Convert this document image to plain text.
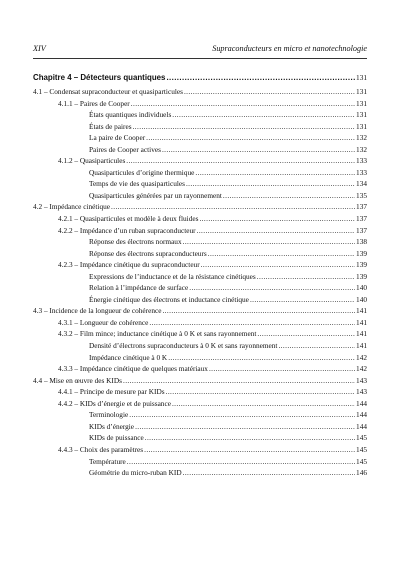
XIV	Supraconducteurs en micro et nanotechnologie
Chapitre 4 – Détecteurs quantiques .....	131
4.1 – Condensat supraconducteur et quasiparticules .....	131
4.1.1 – Paires de Cooper .....	131
États quantiques individuels .....	131
États de paires .....	131
La paire de Cooper .....	132
Paires de Cooper actives .....	132
4.1.2 – Quasiparticules .....	133
Quasiparticules d’origine thermique .....	133
Temps de vie des quasiparticules .....	134
Quasiparticules générées par un rayonnement .....	135
4.2 – Impédance cinétique .....	137
4.2.1 – Quasiparticules et modèle à deux fluides .....	137
4.2.2 – Impédance d’un ruban supraconducteur .....	137
Réponse des électrons normaux .....	138
Réponse des électrons supraconducteurs .....	139
4.2.3 – Impédance cinétique du supraconducteur .....	139
Expressions de l’inductance et de la résistance cinétiques .....	139
Relation à l’impédance de surface .....	140
Énergie cinétique des électrons et inductance cinétique .....	140
4.3 – Incidence de la longueur de cohérence .....	141
4.3.1 – Longueur de cohérence .....	141
4.3.2 – Film mince; inductance cinétique à 0 K et sans rayonnement .....	141
Densité d’électrons supraconducteurs à 0 K et sans rayonnement .....	141
Impédance cinétique à 0 K .....	142
4.3.3 – Impédance cinétique de quelques matériaux .....	142
4.4 – Mise en œuvre des KIDs .....	143
4.4.1 – Principe de mesure par KIDs .....	143
4.4.2 – KIDs d’énergie et de puissance .....	144
Terminologie .....	144
KIDs d’énergie .....	144
KIDs de puissance .....	145
4.4.3 – Choix des paramètres .....	145
Température .....	145
Géométrie du micro-ruban KID .....	146
